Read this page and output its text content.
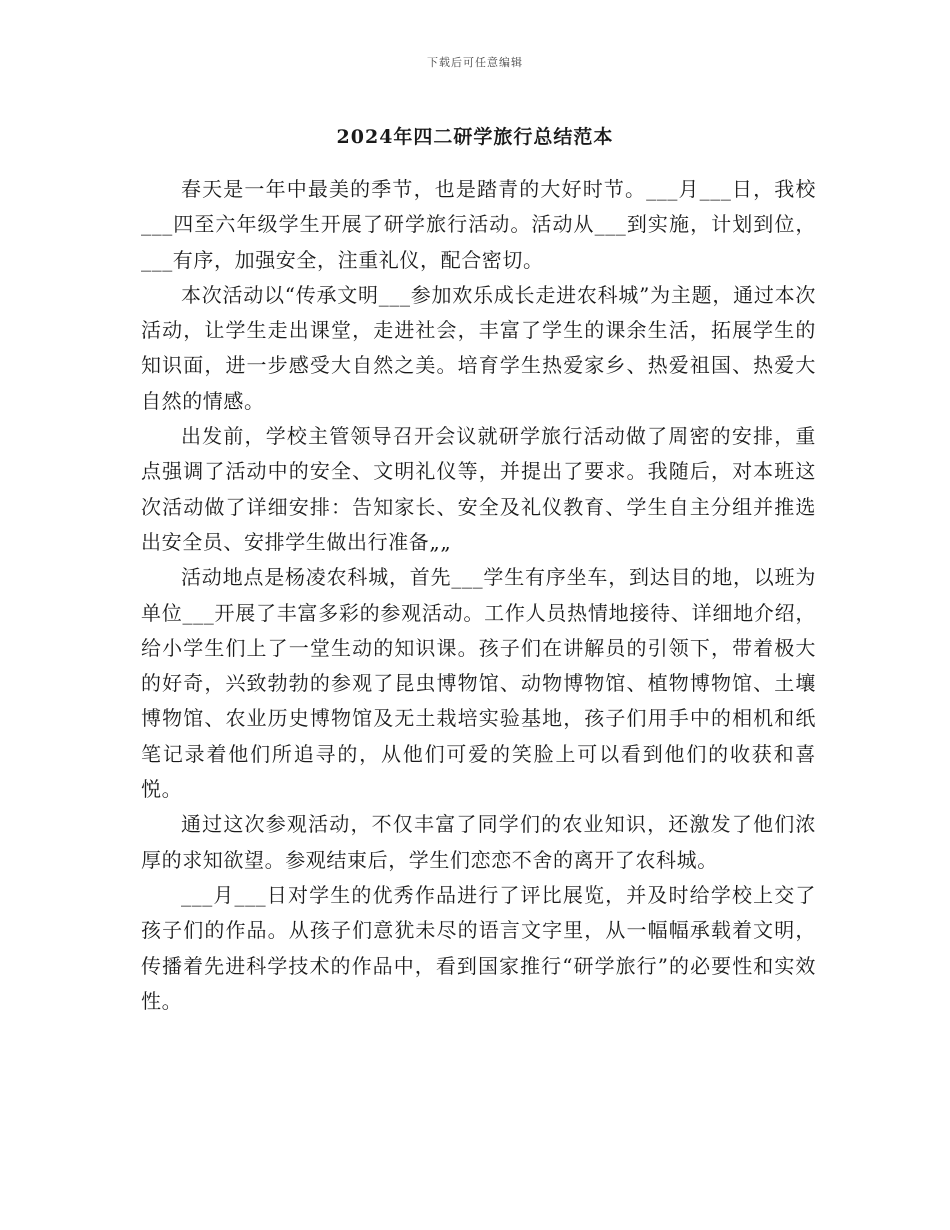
下载后可任意编辑
2024年四二研学旅行总结范本

春天是一年中最美的季节，也是踏青的大好时节。___月___日，我校___四至六年级学生开展了研学旅行活动。活动从___到实施，计划到位，___有序，加强安全，注重礼仪，配合密切。

本次活动以“传承文明___参加欢乐成长走进农科城”为主题，通过本次活动，让学生走出课堂，走进社会，丰富了学生的课余生活，拓展学生的知识面，进一步感受大自然之美。培育学生热爱家乡、热爱祖国、热爱大自然的情感。

出发前，学校主管领导召开会议就研学旅行活动做了周密的安排，重点强调了活动中的安全、文明礼仪等，并提出了要求。我随后，对本班这次活动做了详细安排：告知家长、安全及礼仪教育、学生自主分组并推选出安全员、安排学生做出行准备„„

活动地点是杨凌农科城，首先___学生有序坐车，到达目的地，以班为单位___开展了丰富多彩的参观活动。工作人员热情地接待、详细地介绍，给小学生们上了一堂生动的知识课。孩子们在讲解员的引领下，带着极大的好奇，兴致勃勃的参观了昆虫博物馆、动物博物馆、植物博物馆、土壤博物馆、农业历史博物馆及无土栽培实验基地，孩子们用手中的相机和纸笔记录着他们所追寻的，从他们可爱的笑脸上可以看到他们的收获和喜悦。

通过这次参观活动，不仅丰富了同学们的农业知识，还激发了他们浓厚的求知欲望。参观结束后，学生们恋恋不舍的离开了农科城。

___月___日对学生的优秀作品进行了评比展览，并及时给学校上交了孩子们的作品。从孩子们意犹未尽的语言文字里，从一幅幅承载着文明，传播着先进科学技术的作品中，看到国家推行“研学旅行”的必要性和实效性。
